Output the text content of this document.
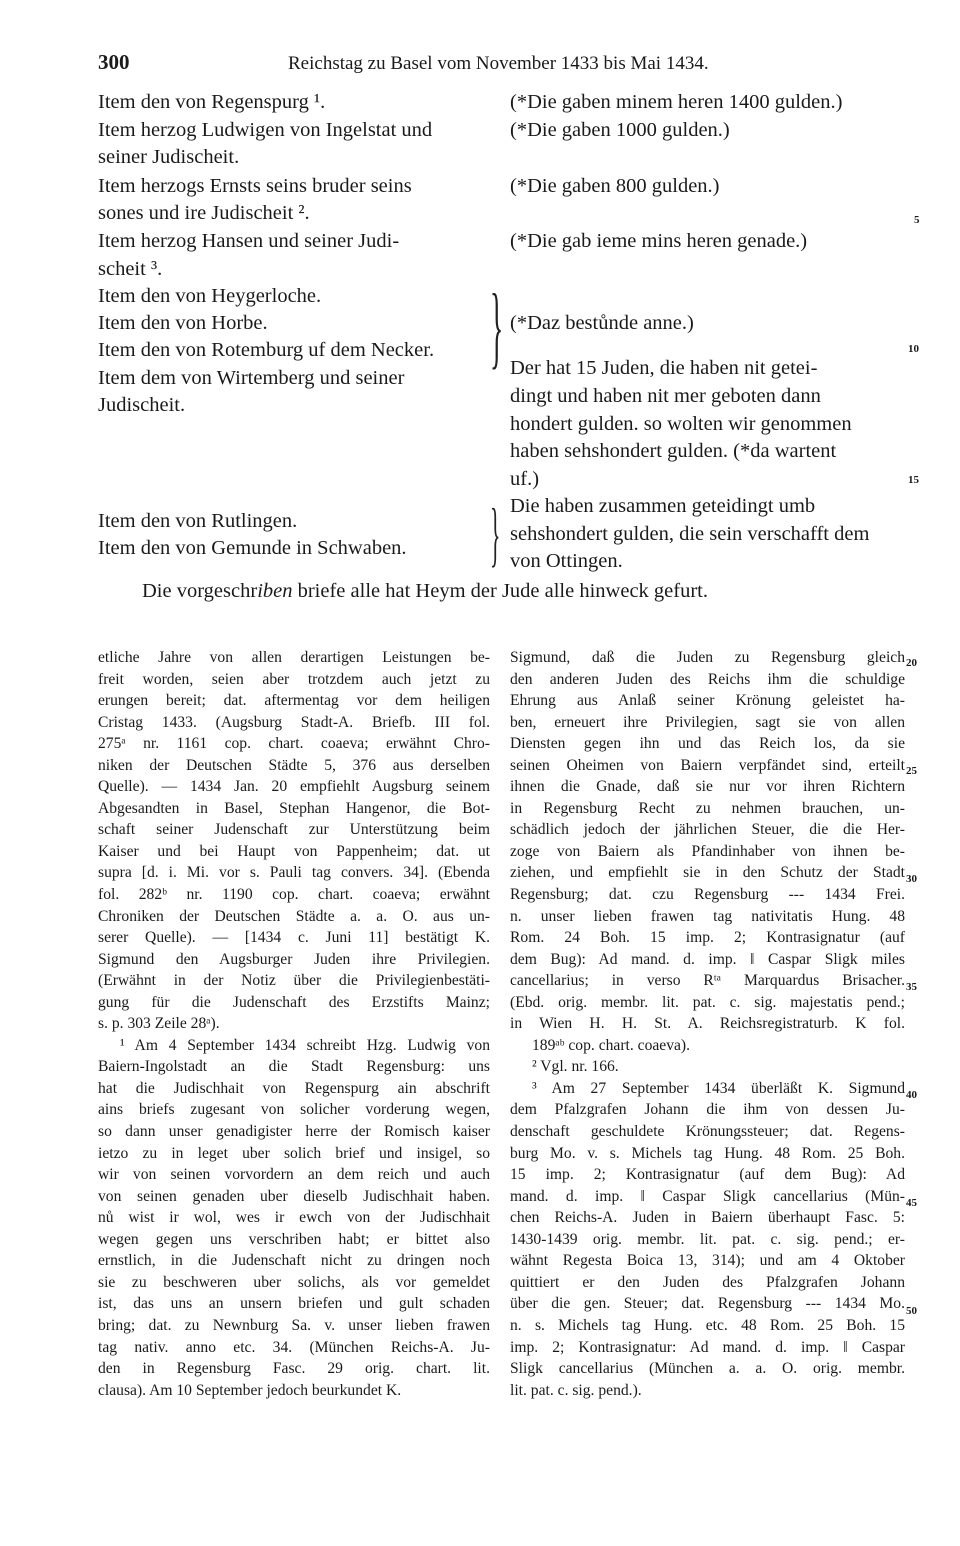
300	Reichstag zu Basel vom November 1433 bis Mai 1434.
Item den von Regenspurg ¹.
Item herzog Ludwigen von Ingelstat und
seiner Judischeit.
Item herzogs Ernsts seins bruder seins
sones und ire Judischeit ².
Item herzog Hansen und seiner Judi-
scheit ³.
Item den von Heygerloche.
Item den von Horbe.
Item den von Rotemburg uf dem Necker.
Item dem von Wirtemberg und seiner
Judischeit.
Item den von Rutlingen.
Item den von Gemunde in Schwaben.
}
}
(*Die gaben minem heren 1400 gulden.)
(*Die gaben 1000 gulden.)
(*Die gaben 800 gulden.)
(*Die gab ieme mins heren genade.)
(*Daz bestůnde anne.)
Der hat 15 Juden, die haben nit getei-
dingt und haben nit mer geboten dann
hondert gulden. so wolten wir genommen
haben sehshondert gulden. (*da wartent
uf.)
Die haben zusammen geteidingt umb
sehshondert gulden, die sein verschafft dem
von Ottingen.
5
10
15
Die vorgeschriben briefe alle hat Heym der Jude alle hinweck gefurt.
etliche Jahre von allen derartigen Leistungen be-
freit worden, seien aber trotzdem auch jetzt zu
erungen bereit; dat. aftermentag vor dem heiligen
Cristag 1433. (Augsburg Stadt-A. Briefb. III fol.
275ᵃ nr. 1161 cop. chart. coaeva; erwähnt Chro-
niken der Deutschen Städte 5, 376 aus derselben
Quelle). — 1434 Jan. 20 empfiehlt Augsburg seinem
Abgesandten in Basel, Stephan Hangenor, die Bot-
schaft seiner Judenschaft zur Unterstützung beim
Kaiser und bei Haupt von Pappenheim; dat. ut
supra [d. i. Mi. vor s. Pauli tag convers. 34]. (Ebenda
fol. 282ᵇ nr. 1190 cop. chart. coaeva; erwähnt
Chroniken der Deutschen Städte a. a. O. aus un-
serer Quelle). — [1434 c. Juni 11] bestätigt K.
Sigmund den Augsburger Juden ihre Privilegien.
(Erwähnt in der Notiz über die Privilegienbestäti-
gung für die Judenschaft des Erzstifts Mainz;
s. p. 303 Zeile 28ᵃ).
¹ Am 4 September 1434 schreibt Hzg. Ludwig von
Baiern-Ingolstadt an die Stadt Regensburg: uns
hat die Judischhait von Regenspurg ain abschrift
ains briefs zugesant von solicher vorderung wegen,
so dann unser genadigister herre der Romisch kaiser
ietzo zu in leget uber solich brief und insigel, so
wir von seinen vorvordern an dem reich und auch
von seinen genaden uber dieselb Judischhait haben.
nů wist ir wol, wes ir ewch von der Judischhait
wegen gegen uns verschriben habt; er bittet also
ernstlich, in die Judenschaft nicht zu dringen noch
sie zu beschweren uber solichs, als vor gemeldet
ist, das uns an unsern briefen und gult schaden
bring; dat. zu Newnburg Sa. v. unser lieben frawen
tag nativ. anno etc. 34. (München Reichs-A. Ju-
den in Regensburg Fasc. 29 orig. chart. lit.
clausa). Am 10 September jedoch beurkundet K.
Sigmund, daß die Juden zu Regensburg gleich
den anderen Juden des Reichs ihm die schuldige
Ehrung aus Anlaß seiner Krönung geleistet ha-
ben, erneuert ihre Privilegien, sagt sie von allen
Diensten gegen ihn und das Reich los, da sie
seinen Oheimen von Baiern verpfändet sind, erteilt
ihnen die Gnade, daß sie nur vor ihren Richtern
in Regensburg Recht zu nehmen brauchen, un-
schädlich jedoch der jährlichen Steuer, die die Her-
zoge von Baiern als Pfandinhaber von ihnen be-
ziehen, und empfiehlt sie in den Schutz der Stadt
Regensburg; dat. czu Regensburg --- 1434 Frei.
n. unser lieben frawen tag nativitatis Hung. 48
Rom. 24 Boh. 15 imp. 2; Kontrasignatur (auf
dem Bug): Ad mand. d. imp. ‖ Caspar Sligk miles
cancellarius; in verso Rᵗᵃ Marquardus Brisacher.
(Ebd. orig. membr. lit. pat. c. sig. majestatis pend.;
in Wien H. H. St. A. Reichsregistraturb. K fol.
189ᵃᵇ cop. chart. coaeva).
² Vgl. nr. 166.
³ Am 27 September 1434 überläßt K. Sigmund
dem Pfalzgrafen Johann die ihm von dessen Ju-
denschaft geschuldete Krönungssteuer; dat. Regens-
burg Mo. v. s. Michels tag Hung. 48 Rom. 25 Boh.
15 imp. 2; Kontrasignatur (auf dem Bug): Ad
mand. d. imp. ‖ Caspar Sligk cancellarius (Mün-
chen Reichs-A. Juden in Baiern überhaupt Fasc. 5:
1430-1439 orig. membr. lit. pat. c. sig. pend.; er-
wähnt Regesta Boica 13, 314); und am 4 Oktober
quittiert er den Juden des Pfalzgrafen Johann
über die gen. Steuer; dat. Regensburg --- 1434 Mo.
n. s. Michels tag Hung. etc. 48 Rom. 25 Boh. 15
imp. 2; Kontrasignatur: Ad mand. d. imp. ‖ Caspar
Sligk cancellarius (München a. a. O. orig. membr.
lit. pat. c. sig. pend.).
20
25
30
35
40
45
50
